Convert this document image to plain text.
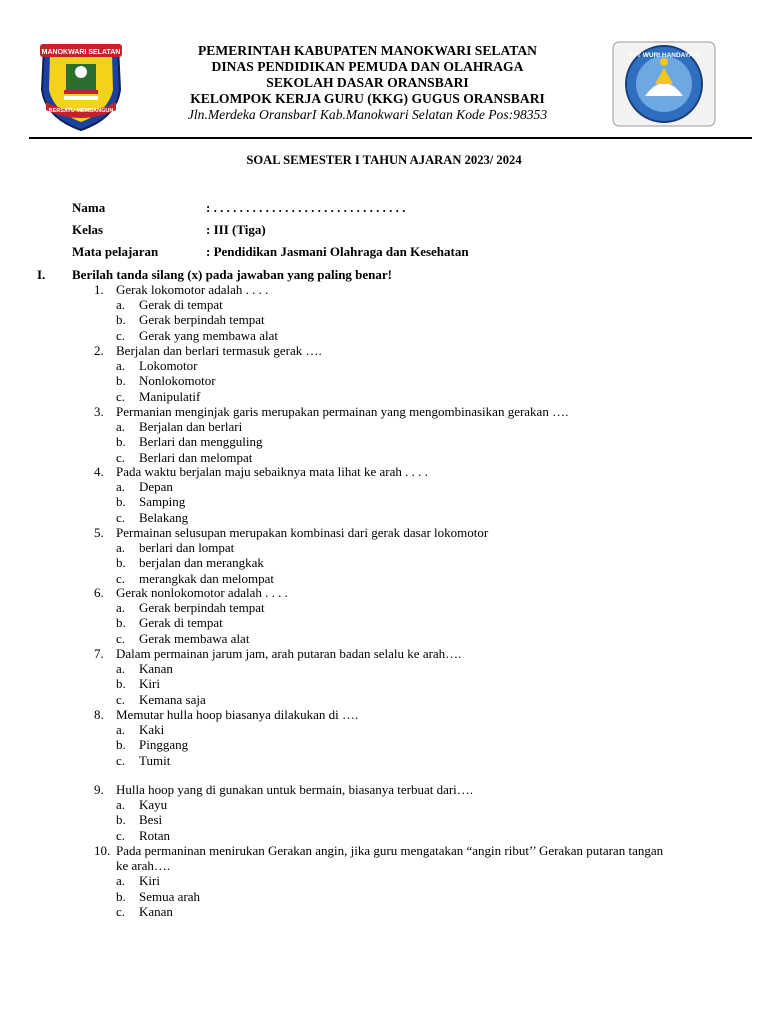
MANOKWARI SELATAN
BERSATU MEMBANGUN
TUT WURI HANDAYANI
PEMERINTAH KABUPATEN MANOKWARI SELATAN
DINAS PENDIDIKAN PEMUDA DAN OLAHRAGA
SEKOLAH DASAR ORANSBARI
KELOMPOK KERJA GURU (KKG) GUGUS ORANSBARI
Jln.Merdeka OransbarI Kab.Manokwari Selatan Kode Pos:98353
SOAL SEMESTER I TAHUN AJARAN 2023/ 2024
Nama	: . . . . . . . . . . . . . . . . . . . . . . . . . . . . . .
Kelas	: III (Tiga)
Mata pelajaran	: Pendidikan Jasmani Olahraga dan Kesehatan
I. Berilah tanda silang (x) pada jawaban yang paling benar!
1. Gerak lokomotor adalah . . . .
a. Gerak di tempat
b. Gerak berpindah tempat
c. Gerak yang membawa alat
2. Berjalan dan berlari termasuk gerak ….
a. Lokomotor
b. Nonlokomotor
c. Manipulatif
3. Permanian menginjak garis merupakan permainan yang mengombinasikan gerakan ….
a. Berjalan dan berlari
b. Berlari dan mengguling
c. Berlari dan melompat
4. Pada waktu berjalan maju sebaiknya mata lihat ke arah . . . .
a. Depan
b. Samping
c. Belakang
5. Permainan selusupan merupakan kombinasi dari gerak dasar lokomotor
a. berlari dan lompat
b. berjalan dan merangkak
c. merangkak dan melompat
6. Gerak nonlokomotor adalah . . . .
a. Gerak berpindah tempat
b. Gerak di tempat
c. Gerak membawa alat
7. Dalam permainan jarum jam, arah putaran badan selalu ke arah….
a. Kanan
b. Kiri
c. Kemana saja
8. Memutar hulla hoop biasanya dilakukan di ….
a. Kaki
b. Pinggang
c. Tumit
9. Hulla hoop yang di gunakan untuk bermain, biasanya terbuat dari….
a. Kayu
b. Besi
c. Rotan
10. Pada permaninan menirukan Gerakan angin, jika guru mengatakan “angin ribut’’ Gerakan putaran tangan ke arah….
a. Kiri
b. Semua arah
c. Kanan
